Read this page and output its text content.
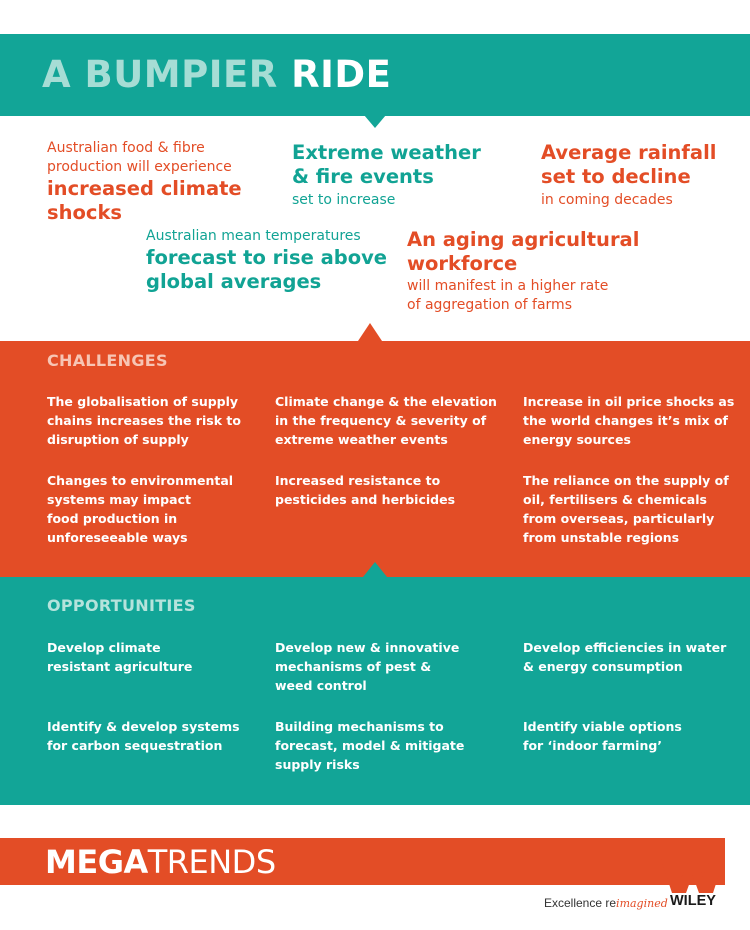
A BUMPIER RIDE
Australian food & fibre
production will experience
increased climate
shocks
Extreme weather
& fire events
set to increase
Average rainfall
set to decline
in coming decades
Australian mean temperatures
forecast to rise above
global averages
An aging agricultural
workforce
will manifest in a higher rate
of aggregation of farms
CHALLENGES
The globalisation of supply
chains increases the risk to
disruption of supply
Climate change & the elevation
in the frequency & severity of
extreme weather events
Increase in oil price shocks as
the world changes it’s mix of
energy sources
Changes to environmental
systems may impact
food production in
unforeseeable ways
Increased resistance to
pesticides and herbicides
The reliance on the supply of
oil, fertilisers & chemicals
from overseas, particularly
from unstable regions
OPPORTUNITIES
Develop climate
resistant agriculture
Develop new & innovative
mechanisms of pest &
weed control
Develop efficiencies in water
& energy consumption
Identify & develop systems
for carbon sequestration
Building mechanisms to
forecast, model & mitigate
supply risks
Identify viable options
for ‘indoor farming’
MEGATRENDS
Excellence reimagined WILEY
